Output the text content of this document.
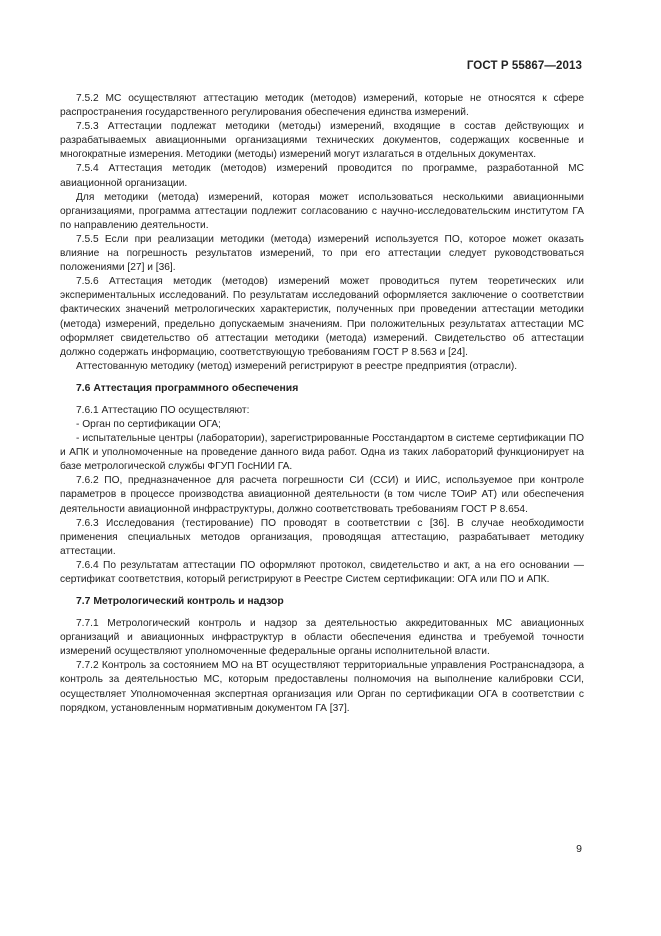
ГОСТ Р 55867—2013

7.5.2 МС осуществляют аттестацию методик (методов) измерений, которые не относятся к сфере распространения государственного регулирования обеспечения единства измерений.

7.5.3 Аттестации подлежат методики (методы) измерений, входящие в состав действующих и разрабатываемых авиационными организациями технических документов, содержащих косвенные и многократные измерения. Методики (методы) измерений могут излагаться в отдельных документах.

7.5.4 Аттестация методик (методов) измерений проводится по программе, разработанной МС авиационной организации.

Для методики (метода) измерений, которая может использоваться несколькими авиационными организациями, программа аттестации подлежит согласованию с научно-исследовательским институтом ГА по направлению деятельности.

7.5.5 Если при реализации методики (метода) измерений используется ПО, которое может оказать влияние на погрешность результатов измерений, то при его аттестации следует руководствоваться положениями [27] и [36].

7.5.6 Аттестация методик (методов) измерений может проводиться путем теоретических или экспериментальных исследований. По результатам исследований оформляется заключение о соответствии фактических значений метрологических характеристик, полученных при проведении аттестации методики (метода) измерений, предельно допускаемым значениям. При положительных результатах аттестации МС оформляет свидетельство об аттестации методики (метода) измерений. Свидетельство об аттестации должно содержать информацию, соответствующую требованиям ГОСТ Р 8.563 и [24].

Аттестованную методику (метод) измерений регистрируют в реестре предприятия (отрасли).

7.6 Аттестация программного обеспечения

7.6.1 Аттестацию ПО осуществляют:

- Орган по сертификации ОГА;

- испытательные центры (лаборатории), зарегистрированные Росстандартом в системе сертификации ПО и АПК и уполномоченные на проведение данного вида работ. Одна из таких лабораторий функционирует на базе метрологической службы ФГУП ГосНИИ ГА.

7.6.2 ПО, предназначенное для расчета погрешности СИ (ССИ) и ИИС, используемое при контроле параметров в процессе производства авиационной деятельности (в том числе ТОиР АТ) или обеспечения деятельности авиационной инфраструктуры, должно соответствовать требованиям ГОСТ Р 8.654.

7.6.3 Исследования (тестирование) ПО проводят в соответствии с [36]. В случае необходимости применения специальных методов организация, проводящая аттестацию, разрабатывает методику аттестации.

7.6.4 По результатам аттестации ПО оформляют протокол, свидетельство и акт, а на его основании — сертификат соответствия, который регистрируют в Реестре Систем сертификации: ОГА или ПО и АПК.

7.7 Метрологический контроль и надзор

7.7.1 Метрологический контроль и надзор за деятельностью аккредитованных МС авиационных организаций и авиационных инфраструктур в области обеспечения единства и требуемой точности измерений осуществляют уполномоченные федеральные органы исполнительной власти.

7.7.2 Контроль за состоянием МО на ВТ осуществляют территориальные управления Ространснадзора, а контроль за деятельностью МС, которым предоставлены полномочия на выполнение калибровки ССИ, осуществляет Уполномоченная экспертная организация или Орган по сертификации ОГА в соответствии с порядком, установленным нормативным документом ГА [37].

9
